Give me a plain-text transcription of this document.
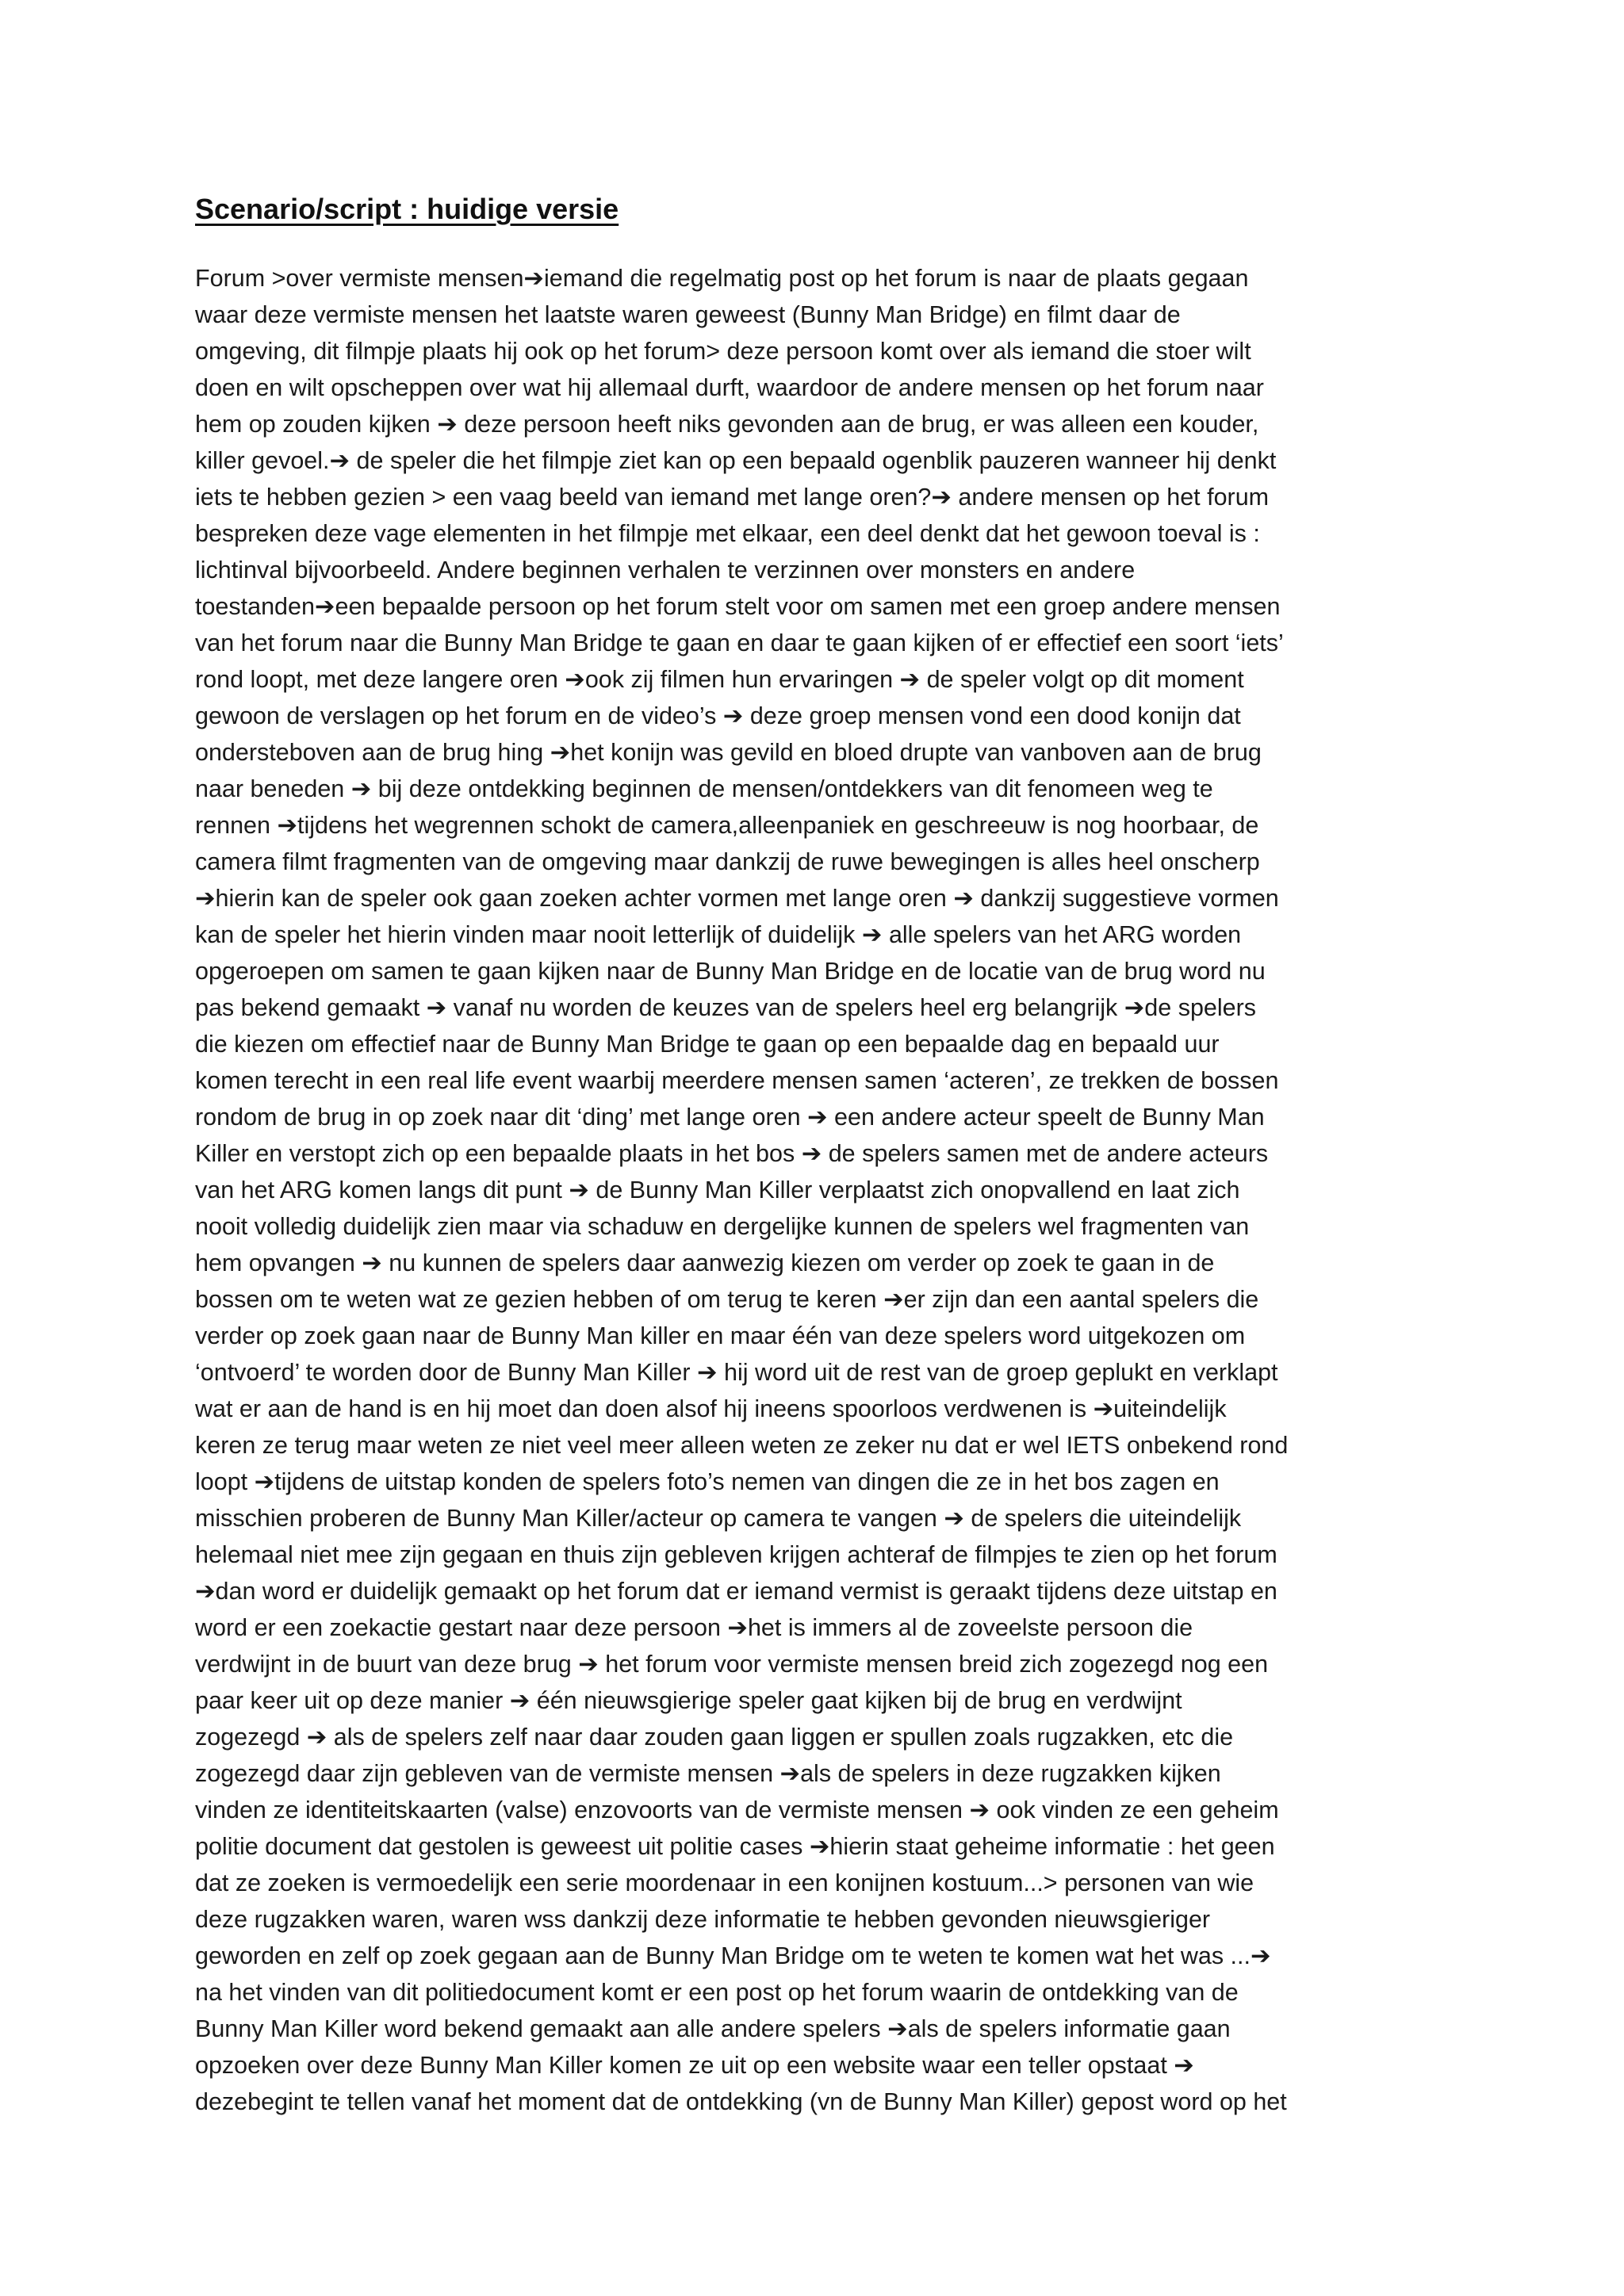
Scenario/script : huidige versie
Forum >over vermiste mensen➔iemand die regelmatig post op het forum is naar de plaats gegaan
waar deze vermiste mensen het laatste waren geweest (Bunny Man Bridge) en filmt daar de
omgeving, dit filmpje plaats hij ook op het forum> deze persoon komt over als iemand die stoer wilt
doen en wilt opscheppen over wat hij allemaal durft, waardoor de andere mensen op het forum naar
hem op zouden kijken ➔ deze persoon heeft niks gevonden aan de brug, er was alleen een kouder,
killer gevoel.➔ de speler die het filmpje ziet kan op een bepaald ogenblik pauzeren wanneer hij denkt
iets te hebben gezien > een vaag beeld van iemand met lange oren?➔ andere mensen op het forum
bespreken deze vage elementen in het filmpje met elkaar, een deel denkt dat het gewoon toeval is :
lichtinval bijvoorbeeld. Andere beginnen verhalen te verzinnen over monsters en andere
toestanden➔een bepaalde persoon op het forum stelt voor om samen met een groep andere mensen
van het forum naar die Bunny Man Bridge te gaan en daar te gaan kijken of er effectief een soort ‘iets’
rond loopt, met deze langere oren ➔ook zij filmen hun ervaringen ➔ de speler volgt op dit moment
gewoon de verslagen op het forum en de video’s ➔ deze groep mensen vond een dood konijn dat
ondersteboven aan de brug hing ➔het konijn was gevild en bloed drupte van vanboven aan de brug
naar beneden ➔ bij deze ontdekking beginnen de mensen/ontdekkers van dit fenomeen weg te
rennen ➔tijdens het wegrennen schokt de camera,alleenpaniek en geschreeuw is nog hoorbaar, de
camera filmt fragmenten van de omgeving maar dankzij de ruwe bewegingen is alles heel onscherp
➔hierin kan de speler ook gaan zoeken achter vormen met lange oren ➔ dankzij suggestieve vormen
kan de speler het hierin vinden maar nooit letterlijk of duidelijk ➔ alle spelers van het ARG worden
opgeroepen om samen te gaan kijken naar de Bunny Man Bridge en de locatie van de brug word nu
pas bekend gemaakt ➔ vanaf nu worden de keuzes van de spelers heel erg belangrijk ➔de spelers
die kiezen om effectief naar de Bunny Man Bridge te gaan op een bepaalde dag en bepaald uur
komen terecht in een real life event waarbij meerdere mensen samen ‘acteren’, ze trekken de bossen
rondom de brug in op zoek naar dit ‘ding’ met lange oren ➔ een andere acteur speelt de Bunny Man
Killer en verstopt zich op een bepaalde plaats in het bos ➔ de spelers samen met de andere acteurs
van het ARG komen langs dit punt ➔ de Bunny Man Killer verplaatst zich onopvallend en laat zich
nooit volledig duidelijk zien maar via schaduw en dergelijke kunnen de spelers wel fragmenten van
hem opvangen ➔ nu kunnen de spelers daar aanwezig kiezen om verder op zoek te gaan in de
bossen om te weten wat ze gezien hebben of om terug te keren ➔er zijn dan een aantal spelers die
verder op zoek gaan naar de Bunny Man killer en maar één van deze spelers word uitgekozen om
‘ontvoerd’ te worden door de Bunny Man Killer ➔ hij word uit de rest van de groep geplukt en verklapt
wat er aan de hand is en hij moet dan doen alsof hij ineens spoorloos verdwenen is ➔uiteindelijk
keren ze terug maar weten ze niet veel meer alleen weten ze zeker nu dat er wel IETS onbekend rond
loopt ➔tijdens de uitstap konden de spelers foto’s nemen van dingen die ze in het bos zagen en
misschien proberen de Bunny Man Killer/acteur op camera te vangen ➔ de spelers die uiteindelijk
helemaal niet mee zijn gegaan en thuis zijn gebleven krijgen achteraf de filmpjes te zien op het forum
➔dan word er duidelijk gemaakt op het forum dat er iemand vermist is geraakt tijdens deze uitstap en
word er een zoekactie gestart naar deze persoon ➔het is immers al de zoveelste persoon die
verdwijnt in de buurt van deze brug ➔ het forum voor vermiste mensen breid zich zogezegd nog een
paar keer uit op deze manier ➔ één nieuwsgierige speler gaat kijken bij de brug en verdwijnt
zogezegd ➔ als de spelers zelf naar daar zouden gaan liggen er spullen zoals rugzakken, etc die
zogezegd daar zijn gebleven van de vermiste mensen ➔als de spelers in deze rugzakken kijken
vinden ze identiteitskaarten (valse) enzovoorts van de vermiste mensen ➔ ook vinden ze een geheim
politie document dat gestolen is geweest uit politie cases ➔hierin staat geheime informatie : het geen
dat ze zoeken is vermoedelijk een serie moordenaar in een konijnen kostuum...> personen van wie
deze rugzakken waren, waren wss dankzij deze informatie te hebben gevonden nieuwsgieriger
geworden en zelf op zoek gegaan aan de Bunny Man Bridge om te weten te komen wat het was ...➔
na het vinden van dit politiedocument komt er een post op het forum waarin de ontdekking van de
Bunny Man Killer word bekend gemaakt aan alle andere spelers ➔als de spelers informatie gaan
opzoeken over deze Bunny Man Killer komen ze uit op een website waar een teller opstaat ➔
dezebegint te tellen vanaf het moment dat de ontdekking (vn de Bunny Man Killer) gepost word op het
